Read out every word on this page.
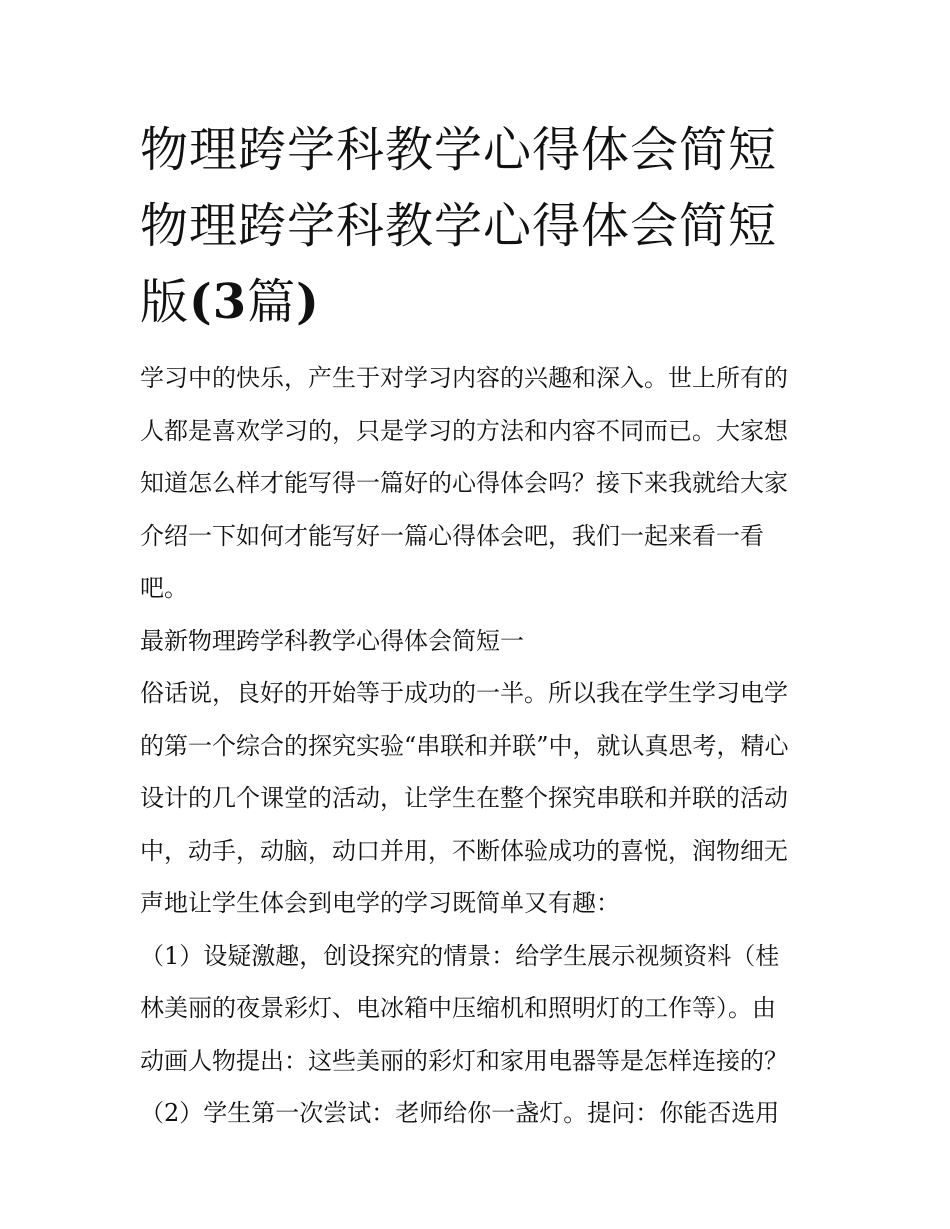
物理跨学科教学心得体会简短
物理跨学科教学心得体会简短
版(3篇)

学习中的快乐，产生于对学习内容的兴趣和深入。世上所有的
人都是喜欢学习的，只是学习的方法和内容不同而已。大家想
知道怎么样才能写得一篇好的心得体会吗？接下来我就给大家
介绍一下如何才能写好一篇心得体会吧，我们一起来看一看
吧。

最新物理跨学科教学心得体会简短一

俗话说，良好的开始等于成功的一半。所以我在学生学习电学
的第一个综合的探究实验“串联和并联”中，就认真思考，精心
设计的几个课堂的活动，让学生在整个探究串联和并联的活动
中，动手，动脑，动口并用，不断体验成功的喜悦，润物细无
声地让学生体会到电学的学习既简单又有趣：

（1）设疑激趣，创设探究的情景：给学生展示视频资料（桂
林美丽的夜景彩灯、电冰箱中压缩机和照明灯的工作等）。由
动画人物提出：这些美丽的彩灯和家用电器等是怎样连接的？

（2）学生第一次尝试：老师给你一盏灯。提问：你能否选用
